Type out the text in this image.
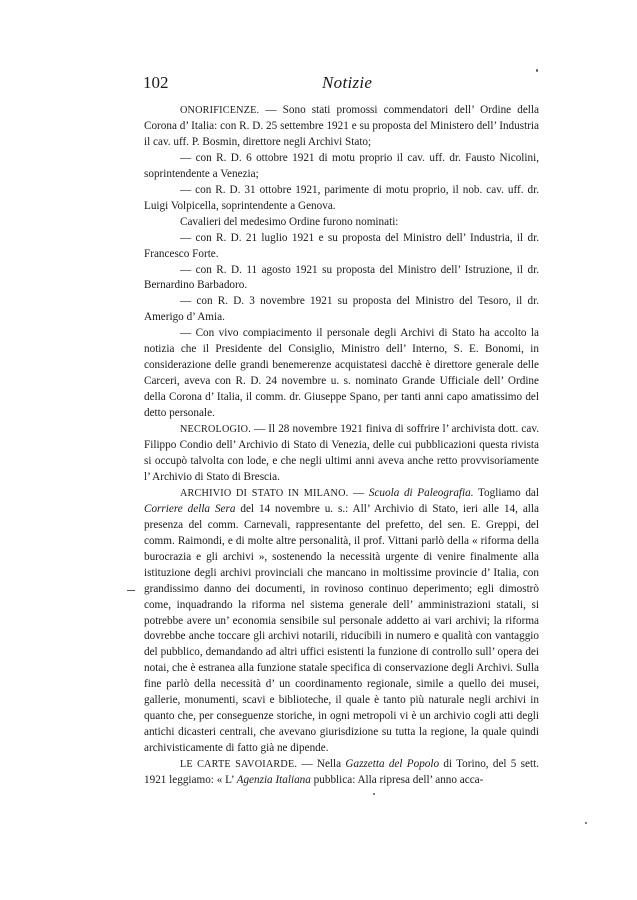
102	Notizie

ONORIFICENZE. — Sono stati promossi commendatori dell’ Ordine della Corona d’ Italia: con R. D. 25 settembre 1921 e su proposta del Ministero dell’ Industria il cav. uff. P. Bosmin, direttore negli Archivi Stato;

— con R. D. 6 ottobre 1921 di motu proprio il cav. uff. dr. Fausto Nicolini, soprintendente a Venezia;

— con R. D. 31 ottobre 1921, parimente di motu proprio, il nob. cav. uff. dr. Luigi Volpicella, soprintendente a Genova.

Cavalieri del medesimo Ordine furono nominati:

— con R. D. 21 luglio 1921 e su proposta del Ministro dell’ Industria, il dr. Francesco Forte.

— con R. D. 11 agosto 1921 su proposta del Ministro dell’ Istruzione, il dr. Bernardino Barbadoro.

— con R. D. 3 novembre 1921 su proposta del Ministro del Tesoro, il dr. Amerigo d’ Amia.

— Con vivo compiacimento il personale degli Archivi di Stato ha accolto la notizia che il Presidente del Consiglio, Ministro dell’ Interno, S. E. Bonomi, in considerazione delle grandi benemerenze acquistatesi dacchè è direttore generale delle Carceri, aveva con R. D. 24 novembre u. s. nominato Grande Ufficiale dell’ Ordine della Corona d’ Italia, il comm. dr. Giuseppe Spano, per tanti anni capo amatissimo del detto personale.

NECROLOGIO. — Il 28 novembre 1921 finiva di soffrire l’ archivista dott. cav. Filippo Condio dell’ Archivio di Stato di Venezia, delle cui pubblicazioni questa rivista si occupò talvolta con lode, e che negli ultimi anni aveva anche retto provvisoriamente l’ Archivio di Stato di Brescia.

ARCHIVIO DI STATO IN MILANO. — Scuola di Paleografia. Togliamo dal Corriere della Sera del 14 novembre u. s.: All’ Archivio di Stato, ieri alle 14, alla presenza del comm. Carnevali, rappresentante del prefetto, del sen. E. Greppi, del comm. Raimondi, e di molte altre personalità, il prof. Vittani parlò della « riforma della burocrazia e gli archivi », sostenendo la necessità urgente di venire finalmente alla istituzione degli archivi provinciali che mancano in moltissime provincie d’ Italia, con grandissimo danno dei documenti, in rovinoso continuo deperimento; egli dimostrò come, inquadrando la riforma nel sistema generale dell’ amministrazioni statali, si potrebbe avere un’ economia sensibile sul personale addetto ai vari archivi; la riforma dovrebbe anche toccare gli archivi notarili, riducibili in numero e qualità con vantaggio del pubblico, demandando ad altri uffici esistenti la funzione di controllo sull’ opera dei notai, che è estranea alla funzione statale specifica di conservazione degli Archivi. Sulla fine parlò della necessità d’ un coordinamento regionale, simile a quello dei musei, gallerie, monumenti, scavi e biblioteche, il quale è tanto più naturale negli archivi in quanto che, per conseguenze storiche, in ogni metropoli vi è un archivio cogli atti degli antichi dicasteri centrali, che avevano giurisdizione su tutta la regione, la quale quindi archivisticamente di fatto già ne dipende.

LE CARTE SAVOIARDE. — Nella Gazzetta del Popolo di Torino, del 5 sett. 1921 leggiamo: « L’ Agenzia Italiana pubblica: Alla ripresa dell’ anno acca-
